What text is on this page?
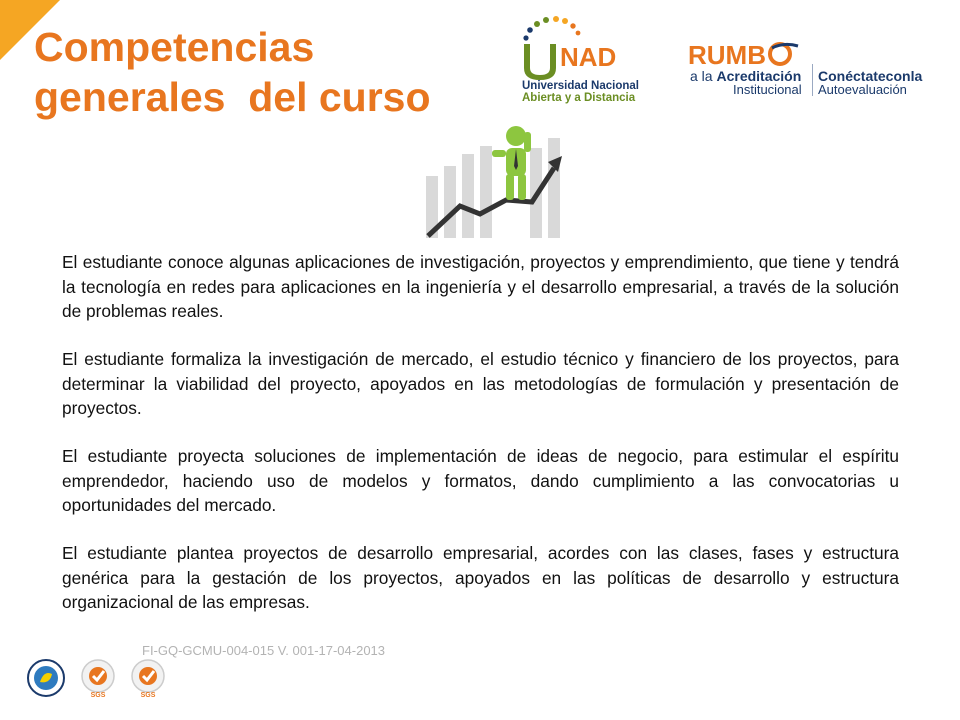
Competencias
generales  del curso
NAD
Universidad Nacional
Abierta y a Distancia
RUMB
a la Acreditación
Institucional
Conéctateconla
Autoevaluación

El estudiante conoce algunas aplicaciones de investigación, proyectos y emprendimiento, que tiene y tendrá la tecnología en redes para aplicaciones en la ingeniería y el desarrollo empresarial, a través de la solución de problemas reales.

El estudiante formaliza la investigación de mercado, el estudio técnico y financiero de los proyectos, para determinar la viabilidad del proyecto, apoyados en las metodologías de formulación y presentación de proyectos.

El estudiante proyecta soluciones de implementación de ideas de negocio, para estimular el espíritu emprendedor, haciendo uso de modelos y formatos, dando cumplimiento a las convocatorias u oportunidades del mercado.

El estudiante plantea proyectos de desarrollo empresarial, acordes con las clases, fases y estructura genérica para la gestación de los proyectos, apoyados en las políticas de desarrollo y estructura organizacional de las empresas.

FI-GQ-GCMU-004-015 V. 001-17-04-2013
SGS	SGS
